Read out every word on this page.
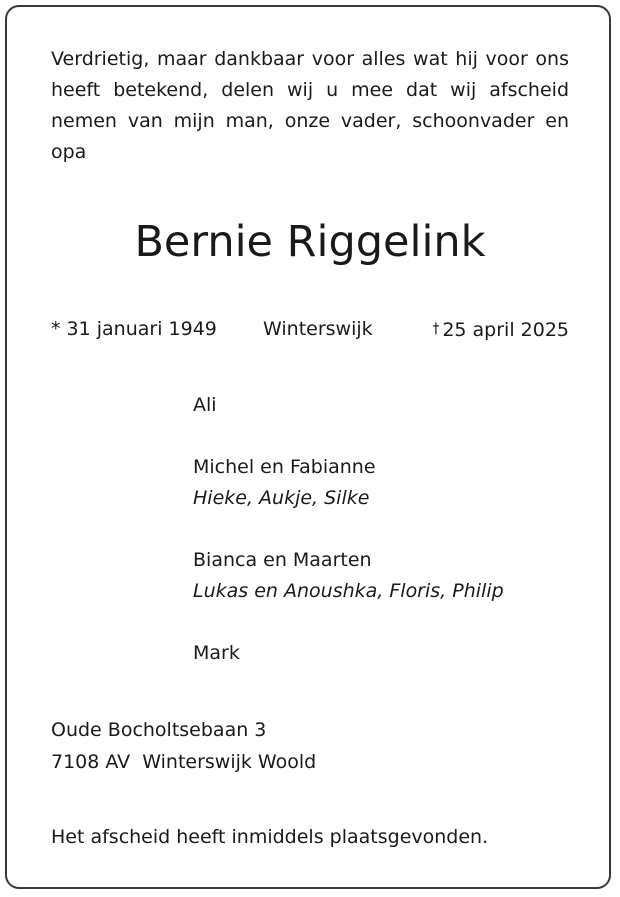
Verdrietig, maar dankbaar voor alles wat hij voor ons heeft betekend, delen wij u mee dat wij afscheid nemen van mijn man, onze vader, schoonvader en opa

Bernie Riggelink
* 31 januari 1949 Winterswijk	† 25 april 2025
Ali
Michel en Fabianne
Hieke, Aukje, Silke
Bianca en Maarten
Lukas en Anoushka, Floris, Philip
Mark
Oude Bocholtsebaan 3
7108 AV  Winterswijk Woold
Het afscheid heeft inmiddels plaatsgevonden.
